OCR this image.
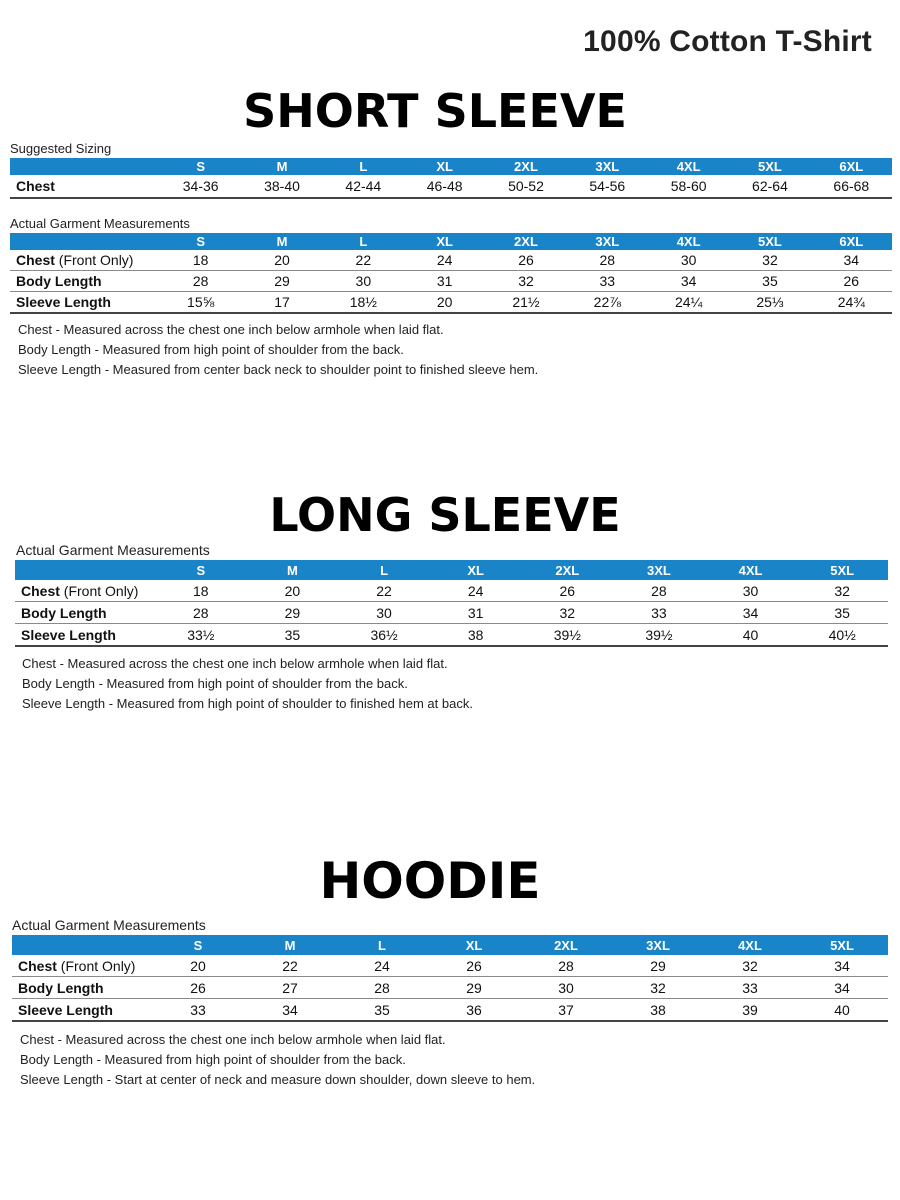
100% Cotton T-Shirt
SHORT SLEEVE
Suggested Sizing
	S	M	L	XL	2XL	3XL	4XL	5XL	6XL
Chest	34-36	38-40	42-44	46-48	50-52	54-56	58-60	62-64	66-68
Actual Garment Measurements
	S	M	L	XL	2XL	3XL	4XL	5XL	6XL
Chest (Front Only)	18	20	22	24	26	28	30	32	34
Body Length	28	29	30	31	32	33	34	35	26
Sleeve Length	15⅝	17	18½	20	21½	22⅞	24¼	25⅓	24¾
Chest - Measured across the chest one inch below armhole when laid flat.
Body Length - Measured from high point of shoulder from the back.
Sleeve Length - Measured from center back neck to shoulder point to finished sleeve hem.
LONG SLEEVE
Actual Garment Measurements
	S	M	L	XL	2XL	3XL	4XL	5XL
Chest (Front Only)	18	20	22	24	26	28	30	32
Body Length	28	29	30	31	32	33	34	35
Sleeve Length	33½	35	36½	38	39½	39½	40	40½
Chest - Measured across the chest one inch below armhole when laid flat.
Body Length - Measured from high point of shoulder from the back.
Sleeve Length - Measured from high point of shoulder to finished hem at back.
HOODIE
Actual Garment Measurements
	S	M	L	XL	2XL	3XL	4XL	5XL
Chest (Front Only)	20	22	24	26	28	29	32	34
Body Length	26	27	28	29	30	32	33	34
Sleeve Length	33	34	35	36	37	38	39	40
Chest - Measured across the chest one inch below armhole when laid flat.
Body Length - Measured from high point of shoulder from the back.
Sleeve Length - Start at center of neck and measure down shoulder, down sleeve to hem.
